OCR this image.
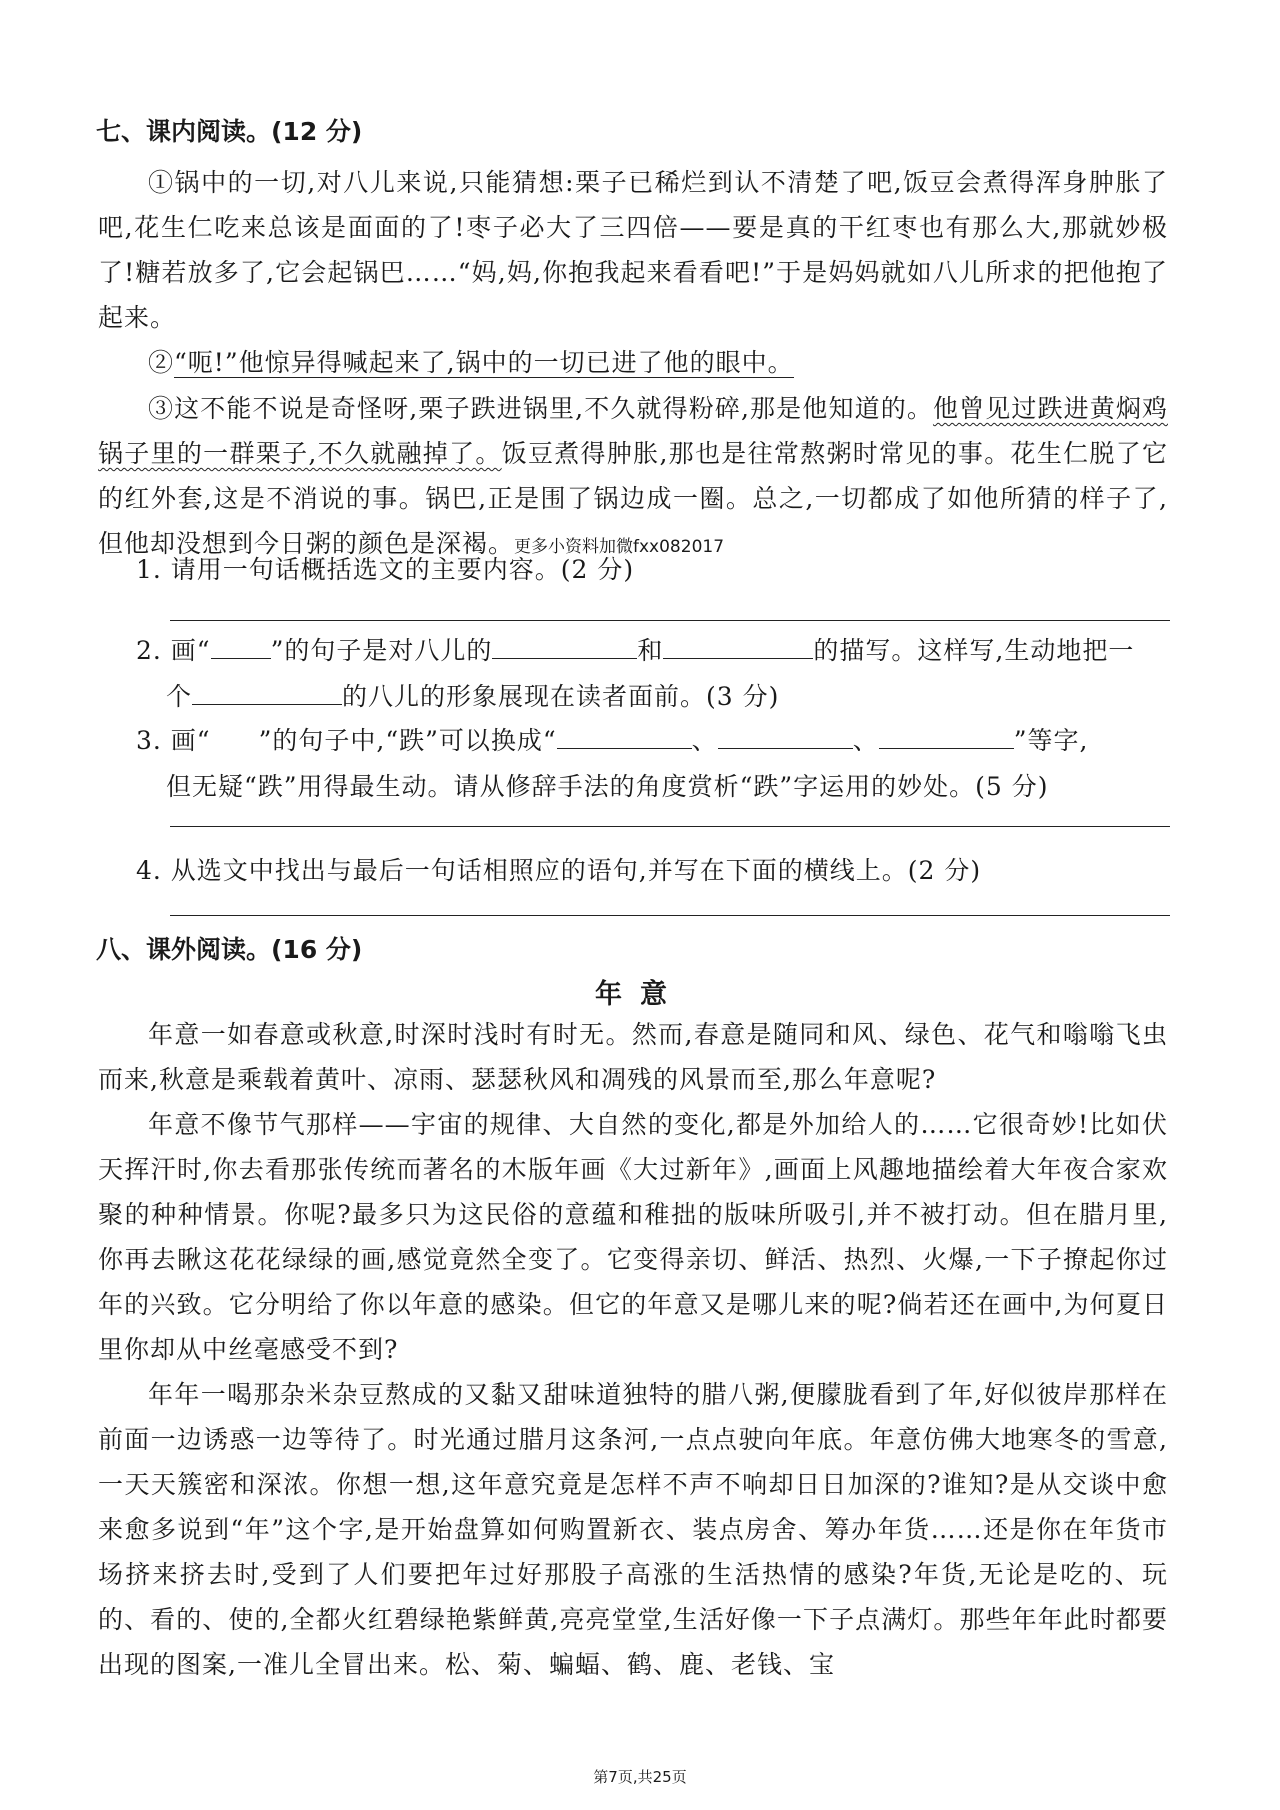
七、课内阅读。(12 分)

①锅中的一切,对八儿来说,只能猜想:栗子已稀烂到认不清楚了吧,饭豆会煮得浑身肿胀了吧,花生仁吃来总该是面面的了!枣子必大了三四倍——要是真的干红枣也有那么大,那就妙极了!糖若放多了,它会起锅巴……“妈,妈,你抱我起来看看吧!”于是妈妈就如八儿所求的把他抱了起来。

②“呃!”他惊异得喊起来了,锅中的一切已进了他的眼中。

③这不能不说是奇怪呀,栗子跌进锅里,不久就得粉碎,那是他知道的。他曾见过跌进黄焖鸡锅子里的一群栗子,不久就融掉了。饭豆煮得肿胀,那也是往常熬粥时常见的事。花生仁脱了它的红外套,这是不消说的事。锅巴,正是围了锅边成一圈。总之,一切都成了如他所猜的样子了,但他却没想到今日粥的颜色是深褐。更多小资料加微fxx082017

1. 请用一句话概括选文的主要内容。(2 分)

2. 画“ ”的句子是对八儿的	和	的描写。这样写,生动地把一
个	的八儿的形象展现在读者面前。(3 分)

3. 画“ ”的句子中,“跌”可以换成“	、	、	”等字,
但无疑“跌”用得最生动。请从修辞手法的角度赏析“跌”字运用的妙处。(5 分)

4. 从选文中找出与最后一句话相照应的语句,并写在下面的横线上。(2 分)

八、课外阅读。(16 分)
年意

年意一如春意或秋意,时深时浅时有时无。然而,春意是随同和风、绿色、花气和嗡嗡飞虫而来,秋意是乘载着黄叶、凉雨、瑟瑟秋风和凋残的风景而至,那么年意呢?

年意不像节气那样——宇宙的规律、大自然的变化,都是外加给人的……它很奇妙!比如伏天挥汗时,你去看那张传统而著名的木版年画《大过新年》,画面上风趣地描绘着大年夜合家欢聚的种种情景。你呢?最多只为这民俗的意蕴和稚拙的版味所吸引,并不被打动。但在腊月里,你再去瞅这花花绿绿的画,感觉竟然全变了。它变得亲切、鲜活、热烈、火爆,一下子撩起你过年的兴致。它分明给了你以年意的感染。但它的年意又是哪儿来的呢?倘若还在画中,为何夏日里你却从中丝毫感受不到?

年年一喝那杂米杂豆熬成的又黏又甜味道独特的腊八粥,便朦胧看到了年,好似彼岸那样在前面一边诱惑一边等待了。时光通过腊月这条河,一点点驶向年底。年意仿佛大地寒冬的雪意,一天天簇密和深浓。你想一想,这年意究竟是怎样不声不响却日日加深的?谁知?是从交谈中愈来愈多说到“年”这个字,是开始盘算如何购置新衣、装点房舍、筹办年货……还是你在年货市场挤来挤去时,受到了人们要把年过好那股子高涨的生活热情的感染?年货,无论是吃的、玩的、看的、使的,全都火红碧绿艳紫鲜黄,亮亮堂堂,生活好像一下子点满灯。那些年年此时都要出现的图案,一准儿全冒出来。松、菊、蝙蝠、鹤、鹿、老钱、宝

第7页,共25页
